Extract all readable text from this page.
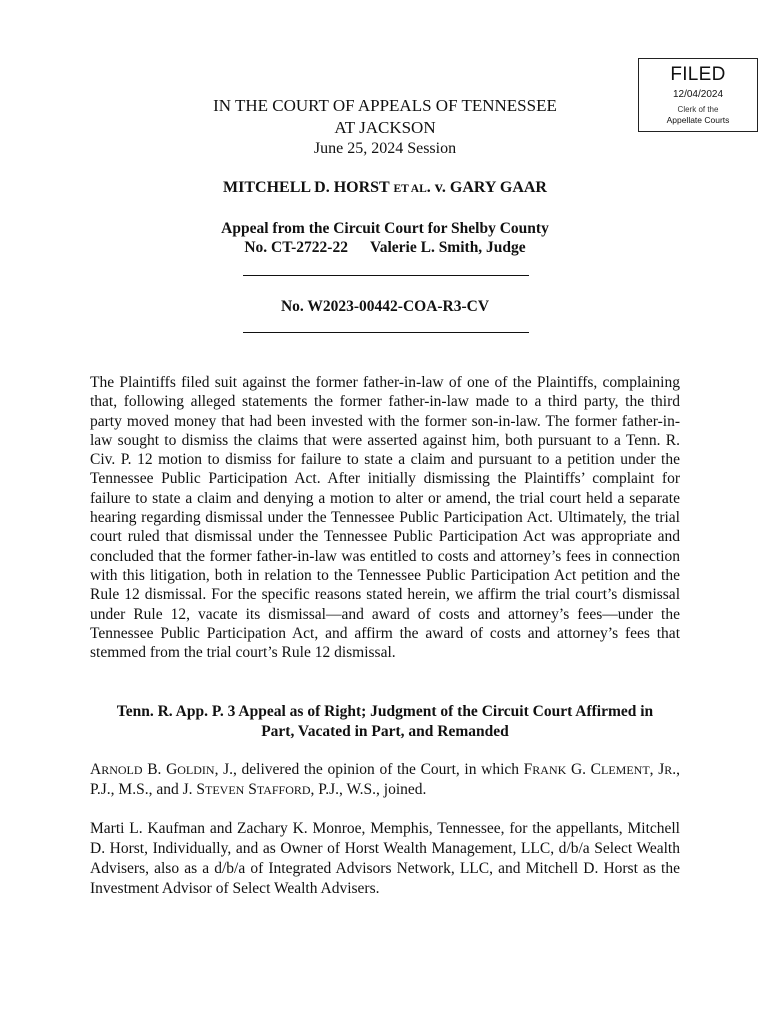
FILED
12/04/2024
Clerk of the
Appellate Courts
IN THE COURT OF APPEALS OF TENNESSEE
AT JACKSON
June 25, 2024 Session
MITCHELL D. HORST ET AL. v. GARY GAAR
Appeal from the Circuit Court for Shelby County
No. CT-2722-22 Valerie L. Smith, Judge
No. W2023-00442-COA-R3-CV

The Plaintiffs filed suit against the former father-in-law of one of the Plaintiffs, complaining that, following alleged statements the former father-in-law made to a third party, the third party moved money that had been invested with the former son-in-law. The former father-in-law sought to dismiss the claims that were asserted against him, both pursuant to a Tenn. R. Civ. P. 12 motion to dismiss for failure to state a claim and pursuant to a petition under the Tennessee Public Participation Act. After initially dismissing the Plaintiffs’ complaint for failure to state a claim and denying a motion to alter or amend, the trial court held a separate hearing regarding dismissal under the Tennessee Public Participation Act. Ultimately, the trial court ruled that dismissal under the Tennessee Public Participation Act was appropriate and concluded that the former father-in-law was entitled to costs and attorney’s fees in connection with this litigation, both in relation to the Tennessee Public Participation Act petition and the Rule 12 dismissal. For the specific reasons stated herein, we affirm the trial court’s dismissal under Rule 12, vacate its dismissal—and award of costs and attorney’s fees—under the Tennessee Public Participation Act, and affirm the award of costs and attorney’s fees that stemmed from the trial court’s Rule 12 dismissal.

Tenn. R. App. P. 3 Appeal as of Right; Judgment of the Circuit Court Affirmed in
Part, Vacated in Part, and Remanded

ARNOLD B. GOLDIN, J., delivered the opinion of the Court, in which FRANK G. CLEMENT, JR., P.J., M.S., and J. STEVEN STAFFORD, P.J., W.S., joined.

Marti L. Kaufman and Zachary K. Monroe, Memphis, Tennessee, for the appellants, Mitchell D. Horst, Individually, and as Owner of Horst Wealth Management, LLC, d/b/a Select Wealth Advisers, also as a d/b/a of Integrated Advisors Network, LLC, and Mitchell D. Horst as the Investment Advisor of Select Wealth Advisers.
